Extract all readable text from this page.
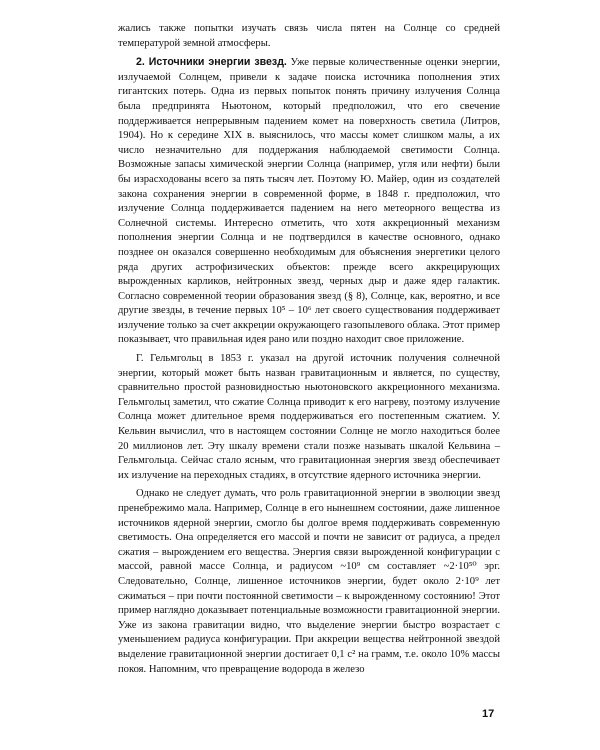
жались также попытки изучать связь числа пятен на Солнце со средней температурой земной атмосферы.

2. Источники энергии звезд. Уже первые количественные оценки энергии, излучаемой Солнцем, привели к задаче поиска источника пополнения этих гигантских потерь. Одна из первых попыток понять причину излучения Солнца была предпринята Ньютоном, который предположил, что его свечение поддерживается непрерывным падением комет на поверхность светила (Литров, 1904). Но к середине XIX в. выяснилось, что массы комет слишком малы, а их число незначительно для поддержания наблюдаемой светимости Солнца. Возможные запасы химической энергии Солнца (например, угля или нефти) были бы израсходованы всего за пять тысяч лет. Поэтому Ю. Майер, один из создателей закона сохранения энергии в современной форме, в 1848 г. предположил, что излучение Солнца поддерживается падением на него метеорного вещества из Солнечной системы. Интересно отметить, что хотя аккреционный механизм пополнения энергии Солнца и не подтвердился в качестве основного, однако позднее он оказался совершенно необходимым для объяснения энергетики целого ряда других астрофизических объектов: прежде всего аккрецирующих вырожденных карликов, нейтронных звезд, черных дыр и даже ядер галактик. Согласно современной теории образования звезд (§ 8), Солнце, как, вероятно, и все другие звезды, в течение первых 10⁵ – 10⁶ лет своего существования поддерживает излучение только за счет аккреции окружающего газопылевого облака. Этот пример показывает, что правильная идея рано или поздно находит свое приложение.

Г. Гельмгольц в 1853 г. указал на другой источник получения солнечной энергии, который может быть назван гравитационным и является, по существу, сравнительно простой разновидностью ньютоновского аккреционного механизма. Гельмгольц заметил, что сжатие Солнца приводит к его нагреву, поэтому излучение Солнца может длительное время поддерживаться его постепенным сжатием. У. Кельвин вычислил, что в настоящем состоянии Солнце не могло находиться более 20 миллионов лет. Эту шкалу времени стали позже называть шкалой Кельвина – Гельмгольца. Сейчас стало ясным, что гравитационная энергия звезд обеспечивает их излучение на переходных стадиях, в отсутствие ядерного источника энергии.

Однако не следует думать, что роль гравитационной энергии в эволюции звезд пренебрежимо мала. Например, Солнце в его нынешнем состоянии, даже лишенное источников ядерной энергии, смогло бы долгое время поддерживать современную светимость. Она определяется его массой и почти не зависит от радиуса, а предел сжатия – вырождением его вещества. Энергия связи вырожденной конфигурации с массой, равной массе Солнца, и радиусом ~10⁹ см составляет ~2·10⁵⁰ эрг. Следовательно, Солнце, лишенное источников энергии, будет около 2·10⁹ лет сжиматься – при почти постоянной светимости – к вырожденному состоянию! Этот пример наглядно доказывает потенциальные возможности гравитационной энергии. Уже из закона гравитации видно, что выделение энергии быстро возрастает с уменьшением радиуса конфигурации. При аккреции вещества нейтронной звездой выделение гравитационной энергии достигает 0,1 c² на грамм, т.е. около 10% массы покоя. Напомним, что превращение водорода в железо

17
